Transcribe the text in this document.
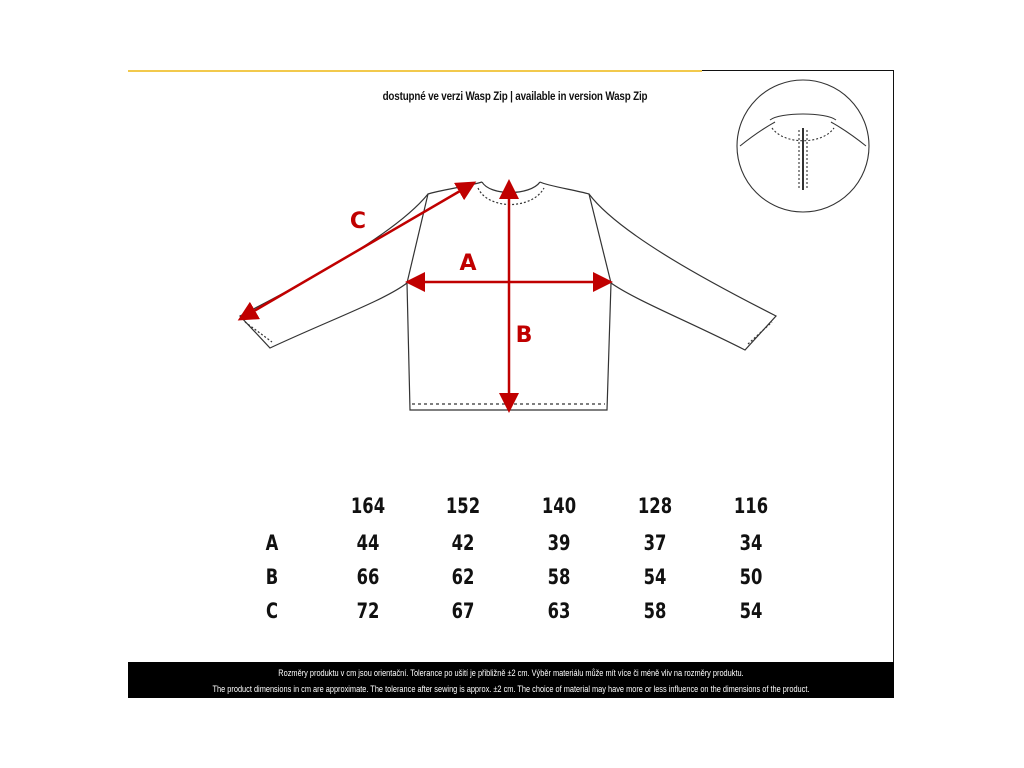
dostupné ve verzi Wasp Zip | available in version Wasp Zip
C
A
B
164	152	140	128	116
A	44	42	39	37	34
B	66	62	58	54	50
C	72	67	63	58	54

Rozměry produktu v cm jsou orientační. Tolerance po ušití je přibližně ±2 cm. Výběr materiálu může mít více či méně vliv na rozměry produktu.

The product dimensions in cm are approximate. The tolerance after sewing is approx. ±2 cm. The choice of material may have more or less influence on the dimensions of the product.
